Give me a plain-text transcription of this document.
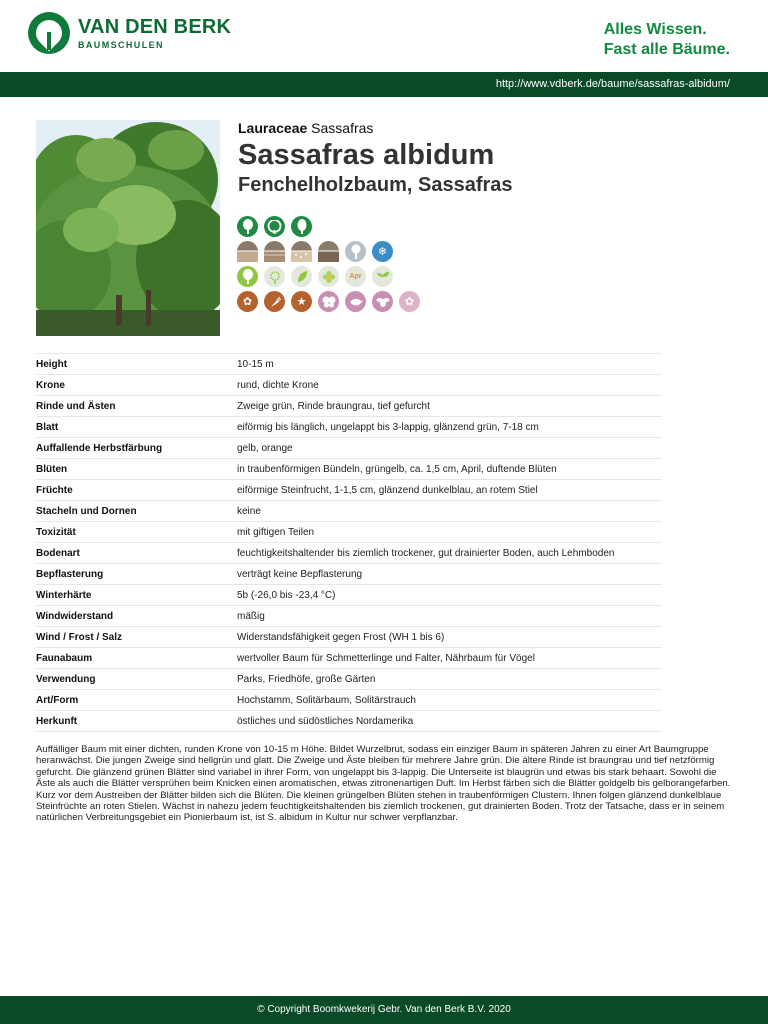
VAN DEN BERK
BAUMSCHULEN
Alles Wissen.
Fast alle Bäume.
http://www.vdberk.de/baume/sassafras-albidum/
Lauraceae Sassafras
Sassafras albidum
Fenchelholzbaum, Sassafras
❄
Apr
✿	★	✿
Height	10-15 m
Krone	rund, dichte Krone
Rinde und Ästen	Zweige grün, Rinde braungrau, tief gefurcht
Blatt	eiförmig bis länglich, ungelappt bis 3-lappig, glänzend grün, 7-18 cm
Auffallende Herbstfärbung	gelb, orange
Blüten	in traubenförmigen Bündeln, grüngelb, ca. 1,5 cm, April, duftende Blüten
Früchte	eiförmige Steinfrucht, 1-1,5 cm, glänzend dunkelblau, an rotem Stiel
Stacheln und Dornen	keine
Toxizität	mit giftigen Teilen
Bodenart	feuchtigkeitshaltender bis ziemlich trockener, gut drainierter Boden, auch Lehmboden
Bepflasterung	verträgt keine Bepflasterung
Winterhärte	5b (-26,0 bis -23,4 °C)
Windwiderstand	mäßig
Wind / Frost / Salz	Widerstandsfähigkeit gegen Frost (WH 1 bis 6)
Faunabaum	wertvoller Baum für Schmetterlinge und Falter, Nährbaum für Vögel
Verwendung	Parks, Friedhöfe, große Gärten
Art/Form	Hochstamm, Solitärbaum, Solitärstrauch
Herkunft	östliches und südöstliches Nordamerika
Auffälliger Baum mit einer dichten, runden Krone von 10-15 m Höhe. Bildet Wurzelbrut, sodass ein einziger Baum in späteren Jahren zu einer Art Baumgruppe heranwächst. Die jungen Zweige sind hellgrün und glatt. Die Zweige und Äste bleiben für mehrere Jahre grün. Die ältere Rinde ist braungrau und tief netzförmig gefurcht. Die glänzend grünen Blätter sind variabel in ihrer Form, von ungelappt bis 3-lappig. Die Unterseite ist blaugrün und etwas bis stark behaart. Sowohl die Äste als auch die Blätter versprühen beim Knicken einen aromatischen, etwas zitronenartigen Duft. Im Herbst färben sich die Blätter goldgelb bis gelborangefarben. Kurz vor dem Austreiben der Blätter bilden sich die Blüten. Die kleinen grüngelben Blüten stehen in traubenförmigen Clustern. Ihnen folgen glänzend dunkelblaue Steinfrüchte an roten Stielen. Wächst in nahezu jedem feuchtigkeitshaltenden bis ziemlich trockenen, gut drainierten Boden. Trotz der Tatsache, dass er in seinem natürlichen Verbreitungsgebiet ein Pionierbaum ist, ist S. albidum in Kultur nur schwer verpflanzbar.
© Copyright Boomkwekerij Gebr. Van den Berk B.V. 2020
